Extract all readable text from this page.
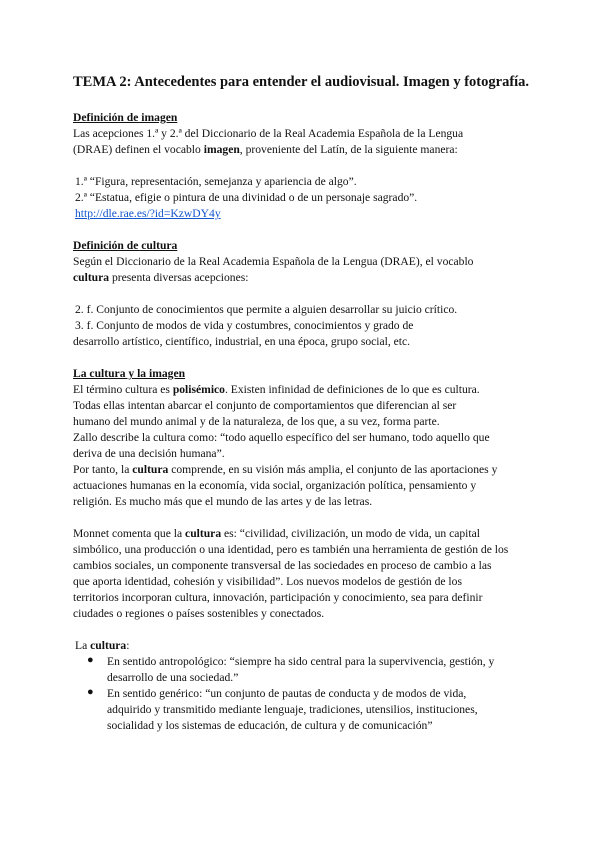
TEMA 2: Antecedentes para entender el audiovisual. Imagen y fotografía.

Definición de imagen

Las acepciones 1.ª y 2.ª del Diccionario de la Real Academia Española de la Lengua

(DRAE) definen el vocablo imagen, proveniente del Latín, de la siguiente manera:

1.ª “Figura, representación, semejanza y apariencia de algo”.

2.ª “Estatua, efigie o pintura de una divinidad o de un personaje sagrado”.

http://dle.rae.es/?id=KzwDY4y

Definición de cultura

Según el Diccionario de la Real Academia Española de la Lengua (DRAE), el vocablo

cultura presenta diversas acepciones:

2. f. Conjunto de conocimientos que permite a alguien desarrollar su juicio crítico.

3. f. Conjunto de modos de vida y costumbres, conocimientos y grado de

desarrollo artístico, científico, industrial, en una época, grupo social, etc.

La cultura y la imagen

El término cultura es polisémico. Existen infinidad de definiciones de lo que es cultura.

Todas ellas intentan abarcar el conjunto de comportamientos que diferencian al ser

humano del mundo animal y de la naturaleza, de los que, a su vez, forma parte.

Zallo describe la cultura como: “todo aquello específico del ser humano, todo aquello que

deriva de una decisión humana”.

Por tanto, la cultura comprende, en su visión más amplia, el conjunto de las aportaciones y

actuaciones humanas en la economía, vida social, organización política, pensamiento y

religión. Es mucho más que el mundo de las artes y de las letras.

Monnet comenta que la cultura es: “civilidad, civilización, un modo de vida, un capital

simbólico, una producción o una identidad, pero es también una herramienta de gestión de los

cambios sociales, un componente transversal de las sociedades en proceso de cambio a las

que aporta identidad, cohesión y visibilidad”. Los nuevos modelos de gestión de los

territorios incorporan cultura, innovación, participación y conocimiento, sea para definir

ciudades o regiones o países sostenibles y conectados.

La cultura:

● En sentido antropológico: “siempre ha sido central para la supervivencia, gestión, y

desarrollo de una sociedad.”

● En sentido genérico: “un conjunto de pautas de conducta y de modos de vida,

adquirido y transmitido mediante lenguaje, tradiciones, utensilios, instituciones,

socialidad y los sistemas de educación, de cultura y de comunicación”
